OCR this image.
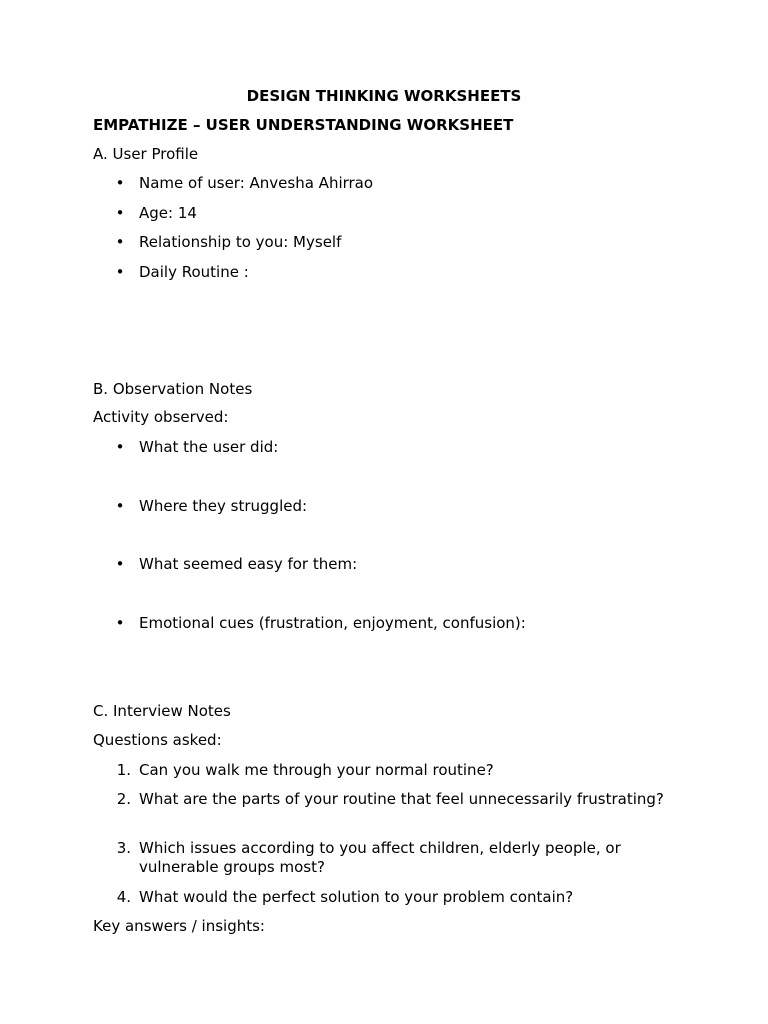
DESIGN THINKING WORKSHEETS
EMPATHIZE – USER UNDERSTANDING WORKSHEET
A. User Profile
• Name of user: Anvesha Ahirrao
• Age: 14
• Relationship to you: Myself
• Daily Routine :
B. Observation Notes
Activity observed:
• What the user did:
• Where they struggled:
• What seemed easy for them:
• Emotional cues (frustration, enjoyment, confusion):
C. Interview Notes
Questions asked:
1. Can you walk me through your normal routine?
2. What are the parts of your routine that feel unnecessarily frustrating?
3. Which issues according to you affect children, elderly people, or vulnerable groups most?
4. What would the perfect solution to your problem contain?
Key answers / insights:
